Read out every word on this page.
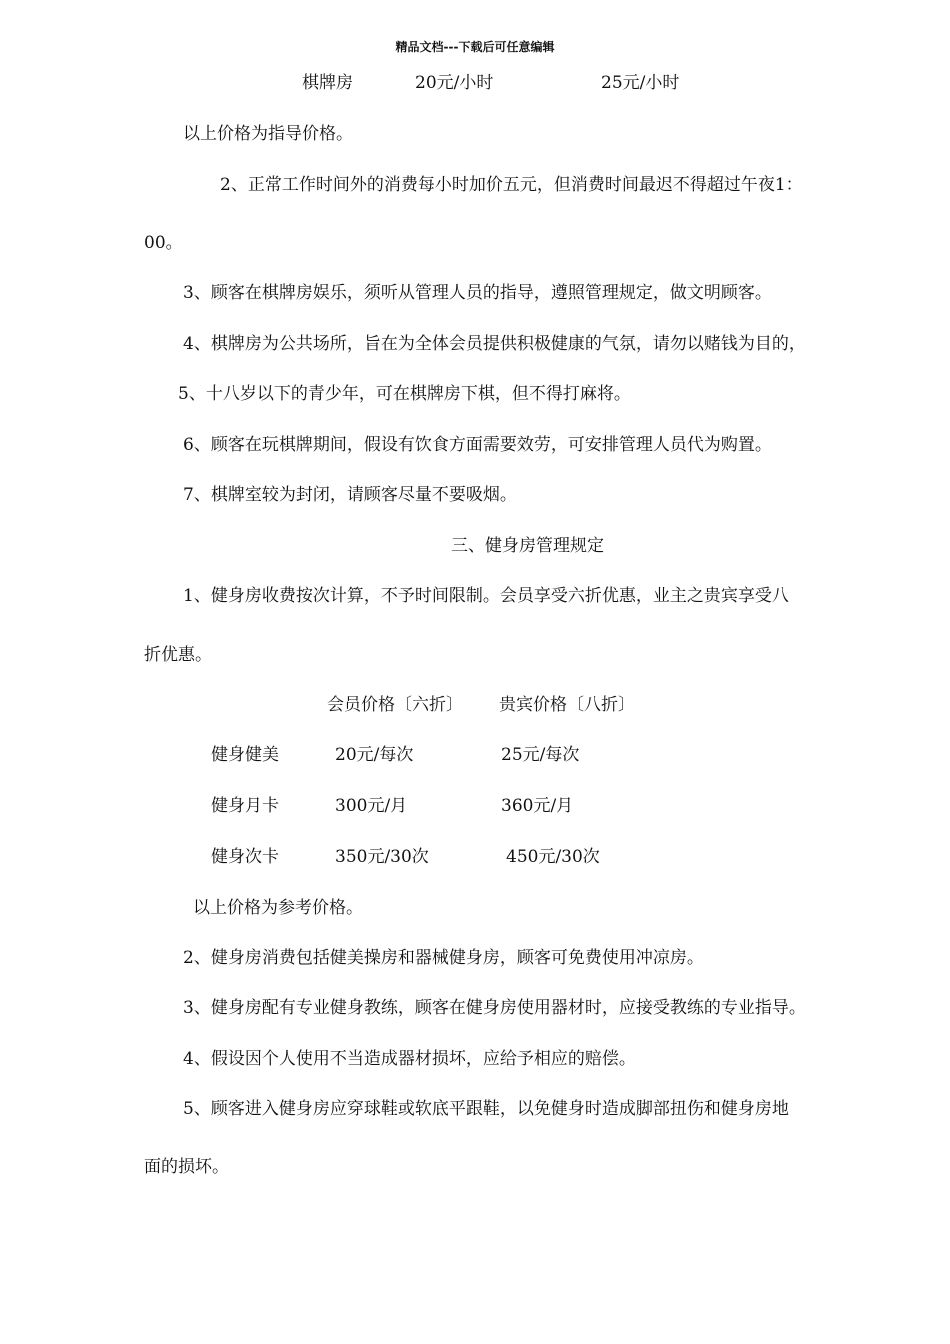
精品文档---下载后可任意编辑
棋牌房	20元/小时	25元/小时
以上价格为指导价格。
2、正常工作时间外的消费每小时加价五元，但消费时间最迟不得超过午夜1：
00。
3、顾客在棋牌房娱乐，须听从管理人员的指导，遵照管理规定，做文明顾客。
4、棋牌房为公共场所，旨在为全体会员提供积极健康的气氛，请勿以赌钱为目的，
5、十八岁以下的青少年，可在棋牌房下棋，但不得打麻将。
6、顾客在玩棋牌期间，假设有饮食方面需要效劳，可安排管理人员代为购置。
7、棋牌室较为封闭，请顾客尽量不要吸烟。
三、健身房管理规定
1、健身房收费按次计算，不予时间限制。会员享受六折优惠，业主之贵宾享受八
折优惠。
会员价格〔六折〕 贵宾价格〔八折〕
健身健美	20元/每次	25元/每次
健身月卡	300元/月	360元/月
健身次卡	350元/30次	450元/30次
以上价格为参考价格。
2、健身房消费包括健美操房和器械健身房，顾客可免费使用冲凉房。
3、健身房配有专业健身教练，顾客在健身房使用器材时，应接受教练的专业指导。
4、假设因个人使用不当造成器材损坏，应给予相应的赔偿。
5、顾客进入健身房应穿球鞋或软底平跟鞋，以免健身时造成脚部扭伤和健身房地
面的损坏。
